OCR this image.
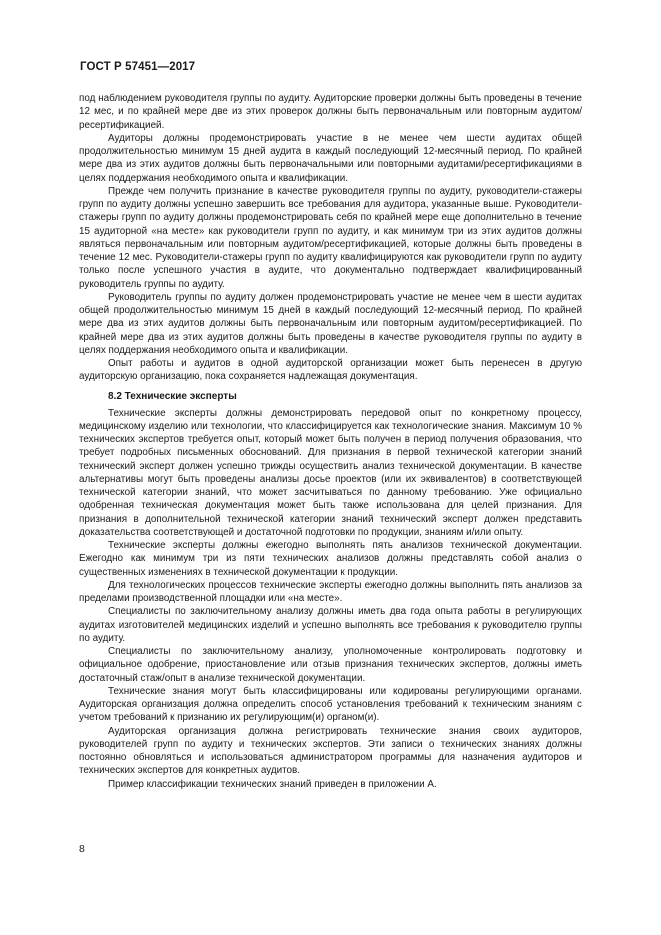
ГОСТ Р 57451—2017

под наблюдением руководителя группы по аудиту. Аудиторские проверки должны быть проведены в течение 12 мес, и по крайней мере две из этих проверок должны быть первоначальным или повторным аудитом/ресертификацией.

Аудиторы должны продемонстрировать участие в не менее чем шести аудитах общей продолжительностью минимум 15 дней аудита в каждый последующий 12-месячный период. По крайней мере два из этих аудитов должны быть первоначальными или повторными аудитами/ресертификациями в целях поддержания необходимого опыта и квалификации.

Прежде чем получить признание в качестве руководителя группы по аудиту, руководители-стажеры групп по аудиту должны успешно завершить все требования для аудитора, указанные выше. Руководители-стажеры групп по аудиту должны продемонстрировать себя по крайней мере еще дополнительно в течение 15 аудиторной «на месте» как руководители групп по аудиту, и как минимум три из этих аудитов должны являться первоначальным или повторным аудитом/ресертификацией, которые должны быть проведены в течение 12 мес. Руководители-стажеры групп по аудиту квалифицируются как руководители групп по аудиту только после успешного участия в аудите, что документально подтверждает квалифицированный руководитель группы по аудиту.

Руководитель группы по аудиту должен продемонстрировать участие не менее чем в шести аудитах общей продолжительностью минимум 15 дней в каждый последующий 12-месячный период. По крайней мере два из этих аудитов должны быть первоначальным или повторным аудитом/ресертификацией. По крайней мере два из этих аудитов должны быть проведены в качестве руководителя группы по аудиту в целях поддержания необходимого опыта и квалификации.

Опыт работы и аудитов в одной аудиторской организации может быть перенесен в другую аудиторскую организацию, пока сохраняется надлежащая документация.

8.2 Технические эксперты

Технические эксперты должны демонстрировать передовой опыт по конкретному процессу, медицинскому изделию или технологии, что классифицируется как технологические знания. Максимум 10 % технических экспертов требуется опыт, который может быть получен в период получения образования, что требует подробных письменных обоснований. Для признания в первой технической категории знаний технический эксперт должен успешно трижды осуществить анализ технической документации. В качестве альтернативы могут быть проведены анализы досье проектов (или их эквивалентов) в соответствующей технической категории знаний, что может засчитываться по данному требованию. Уже официально одобренная техническая документация может быть также использована для целей признания. Для признания в дополнительной технической категории знаний технический эксперт должен представить доказательства соответствующей и достаточной подготовки по продукции, знаниям и/или опыту.

Технические эксперты должны ежегодно выполнять пять анализов технической документации. Ежегодно как минимум три из пяти технических анализов должны представлять собой анализ о существенных изменениях в технической документации к продукции.

Для технологических процессов технические эксперты ежегодно должны выполнить пять анализов за пределами производственной площадки или «на месте».

Специалисты по заключительному анализу должны иметь два года опыта работы в регулирующих аудитах изготовителей медицинских изделий и успешно выполнять все требования к руководителю группы по аудиту.

Специалисты по заключительному анализу, уполномоченные контролировать подготовку и официальное одобрение, приостановление или отзыв признания технических экспертов, должны иметь достаточный стаж/опыт в анализе технической документации.

Технические знания могут быть классифицированы или кодированы регулирующими органами. Аудиторская организация должна определить способ установления требований к техническим знаниям с учетом требований к признанию их регулирующим(и) органом(и).

Аудиторская организация должна регистрировать технические знания своих аудиторов, руководителей групп по аудиту и технических экспертов. Эти записи о технических знаниях должны постоянно обновляться и использоваться администратором программы для назначения аудиторов и технических экспертов для конкретных аудитов.

Пример классификации технических знаний приведен в приложении А.

8
